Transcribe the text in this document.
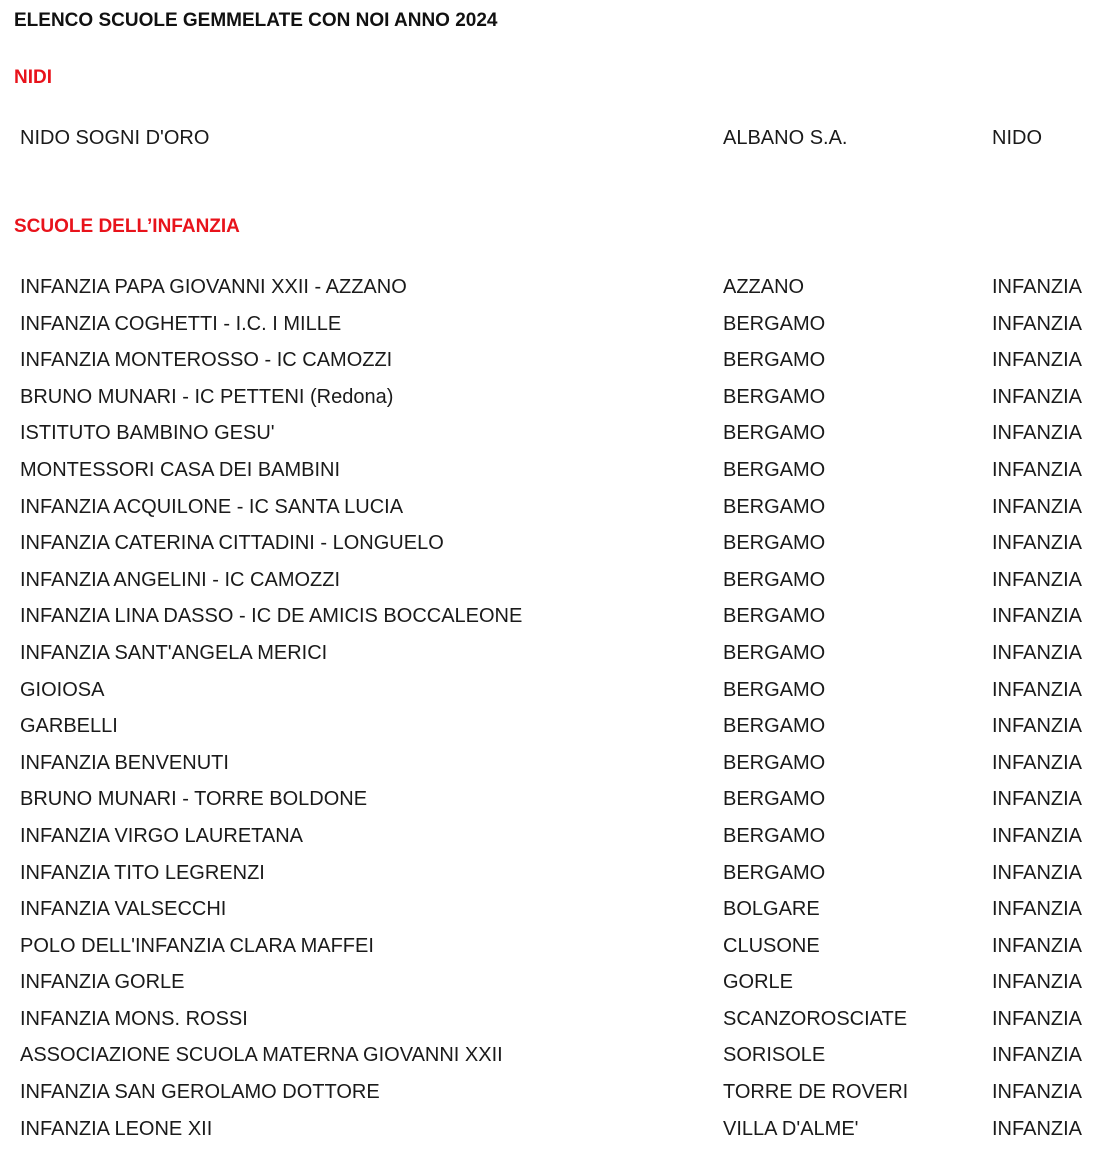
ELENCO SCUOLE GEMMELATE CON NOI ANNO 2024
NIDI
NIDO SOGNI D'ORO	ALBANO S.A.	NIDO
SCUOLE DELL’INFANZIA
INFANZIA PAPA GIOVANNI XXII - AZZANO	AZZANO	INFANZIA
INFANZIA COGHETTI - I.C. I MILLE	BERGAMO	INFANZIA
INFANZIA MONTEROSSO - IC CAMOZZI	BERGAMO	INFANZIA
BRUNO MUNARI - IC PETTENI (Redona)	BERGAMO	INFANZIA
ISTITUTO BAMBINO GESU'	BERGAMO	INFANZIA
MONTESSORI CASA DEI BAMBINI	BERGAMO	INFANZIA
INFANZIA ACQUILONE - IC SANTA LUCIA	BERGAMO	INFANZIA
INFANZIA CATERINA CITTADINI - LONGUELO	BERGAMO	INFANZIA
INFANZIA ANGELINI - IC CAMOZZI	BERGAMO	INFANZIA
INFANZIA LINA DASSO - IC DE AMICIS BOCCALEONE	BERGAMO	INFANZIA
INFANZIA SANT'ANGELA MERICI	BERGAMO	INFANZIA
GIOIOSA	BERGAMO	INFANZIA
GARBELLI	BERGAMO	INFANZIA
INFANZIA BENVENUTI	BERGAMO	INFANZIA
BRUNO MUNARI - TORRE BOLDONE	BERGAMO	INFANZIA
INFANZIA VIRGO LAURETANA	BERGAMO	INFANZIA
INFANZIA TITO LEGRENZI	BERGAMO	INFANZIA
INFANZIA VALSECCHI	BOLGARE	INFANZIA
POLO DELL'INFANZIA CLARA MAFFEI	CLUSONE	INFANZIA
INFANZIA GORLE	GORLE	INFANZIA
INFANZIA MONS. ROSSI	SCANZOROSCIATE	INFANZIA
ASSOCIAZIONE SCUOLA MATERNA GIOVANNI XXII	SORISOLE	INFANZIA
INFANZIA SAN GEROLAMO DOTTORE	TORRE DE ROVERI	INFANZIA
INFANZIA LEONE XII	VILLA D'ALME'	INFANZIA
